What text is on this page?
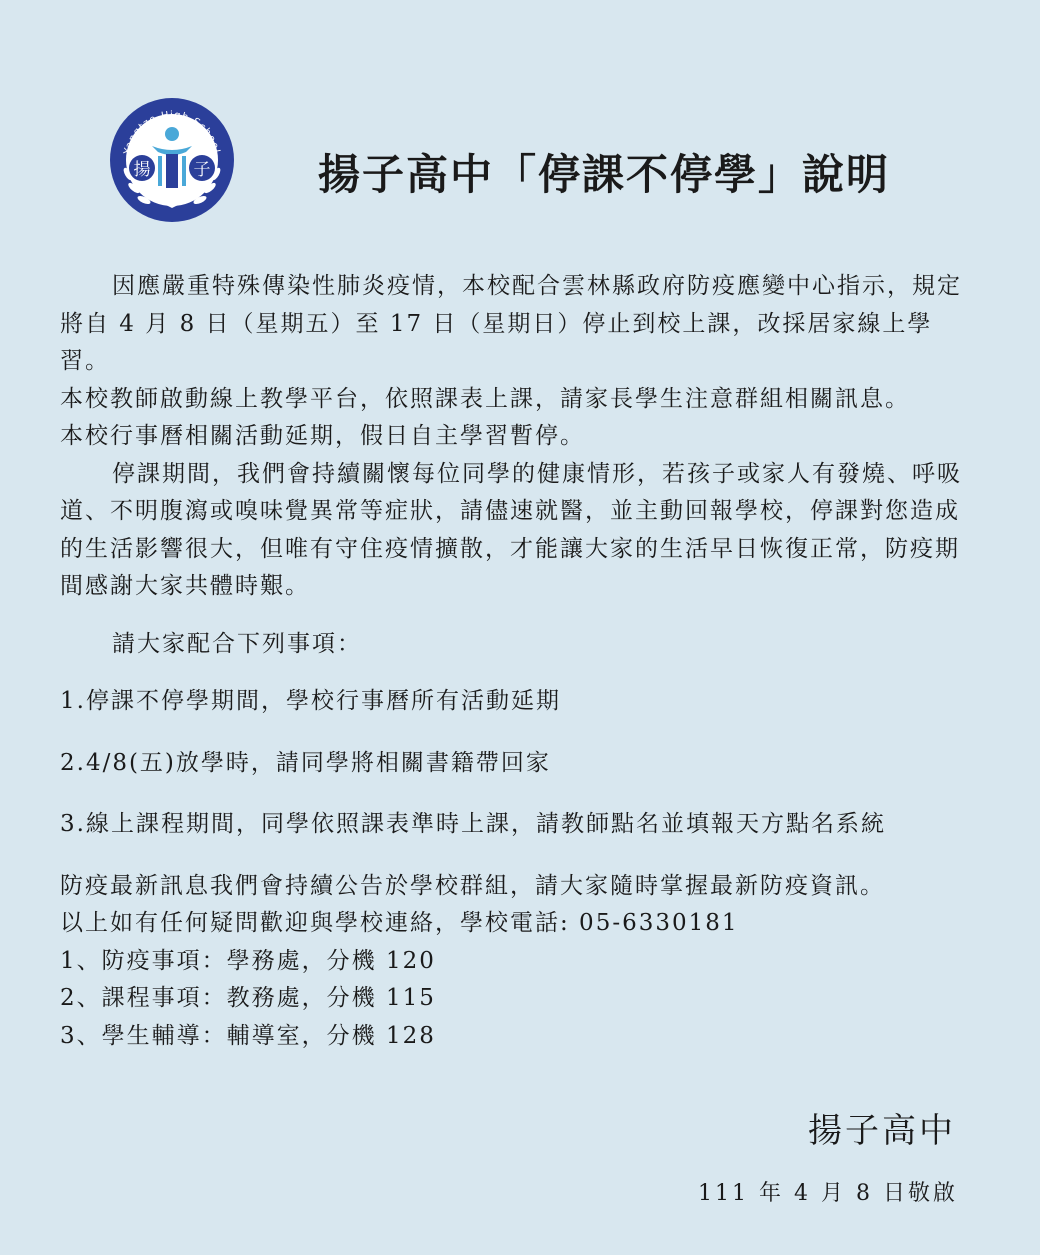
Yangtze High School
揚	子	揚子高中「停課不停學」說明

因應嚴重特殊傳染性肺炎疫情，本校配合雲林縣政府防疫應變中心指示，規定將自 4 月 8 日（星期五）至 17 日（星期日）停止到校上課，改採居家線上學習。

本校教師啟動線上教學平台，依照課表上課，請家長學生注意群組相關訊息。

本校行事曆相關活動延期，假日自主學習暫停。

停課期間，我們會持續關懷每位同學的健康情形，若孩子或家人有發燒、呼吸道、不明腹瀉或嗅味覺異常等症狀，請儘速就醫，並主動回報學校，停課對您造成的生活影響很大，但唯有守住疫情擴散，才能讓大家的生活早日恢復正常，防疫期間感謝大家共體時艱。

請大家配合下列事項：

1.停課不停學期間，學校行事曆所有活動延期

2.4/8(五)放學時，請同學將相關書籍帶回家

3.線上課程期間，同學依照課表準時上課，請教師點名並填報天方點名系統

防疫最新訊息我們會持續公告於學校群組，請大家隨時掌握最新防疫資訊。

以上如有任何疑問歡迎與學校連絡，學校電話: 05-6330181

1、防疫事項：學務處，分機 120

2、課程事項：教務處，分機 115

3、學生輔導：輔導室，分機 128

揚子高中
111 年 4 月 8 日敬啟
